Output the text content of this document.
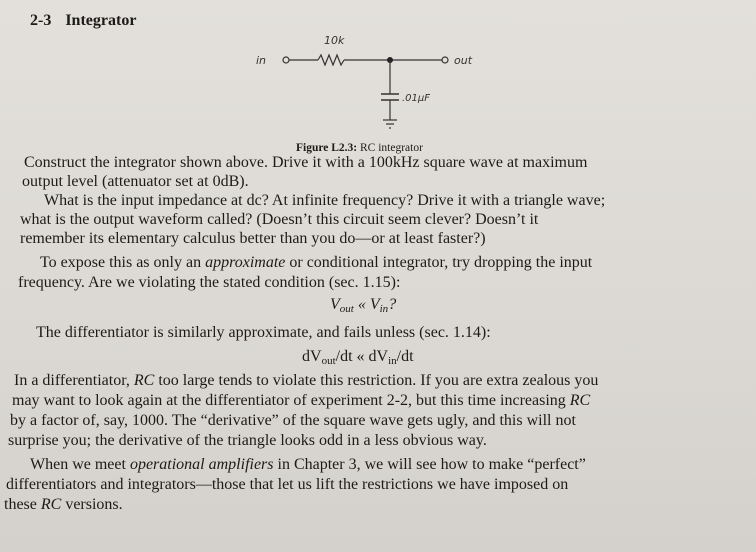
2-3 Integrator
in
10k
out
.01μF
Figure L2.3: RC integrator
Construct the integrator shown above. Drive it with a 100kHz square wave at maximum
output level (attenuator set at 0dB).
What is the input impedance at dc? At infinite frequency? Drive it with a triangle wave;
what is the output waveform called? (Doesn’t this circuit seem clever? Doesn’t it
remember its elementary calculus better than you do—or at least faster?)
To expose this as only an approximate or conditional integrator, try dropping the input
frequency. Are we violating the stated condition (sec. 1.15):
$V_{out}$ « $V_{in}$?
The differentiator is similarly approximate, and fails unless (sec. 1.14):
$dV_{out}/dt$ « $dV_{in}/dt$
In a differentiator, RC too large tends to violate this restriction. If you are extra zealous you
may want to look again at the differentiator of experiment 2-2, but this time increasing RC
by a factor of, say, 1000. The “derivative” of the square wave gets ugly, and this will not
surprise you; the derivative of the triangle looks odd in a less obvious way.
When we meet operational amplifiers in Chapter 3, we will see how to make “perfect”
differentiators and integrators—those that let us lift the restrictions we have imposed on
these RC versions.
